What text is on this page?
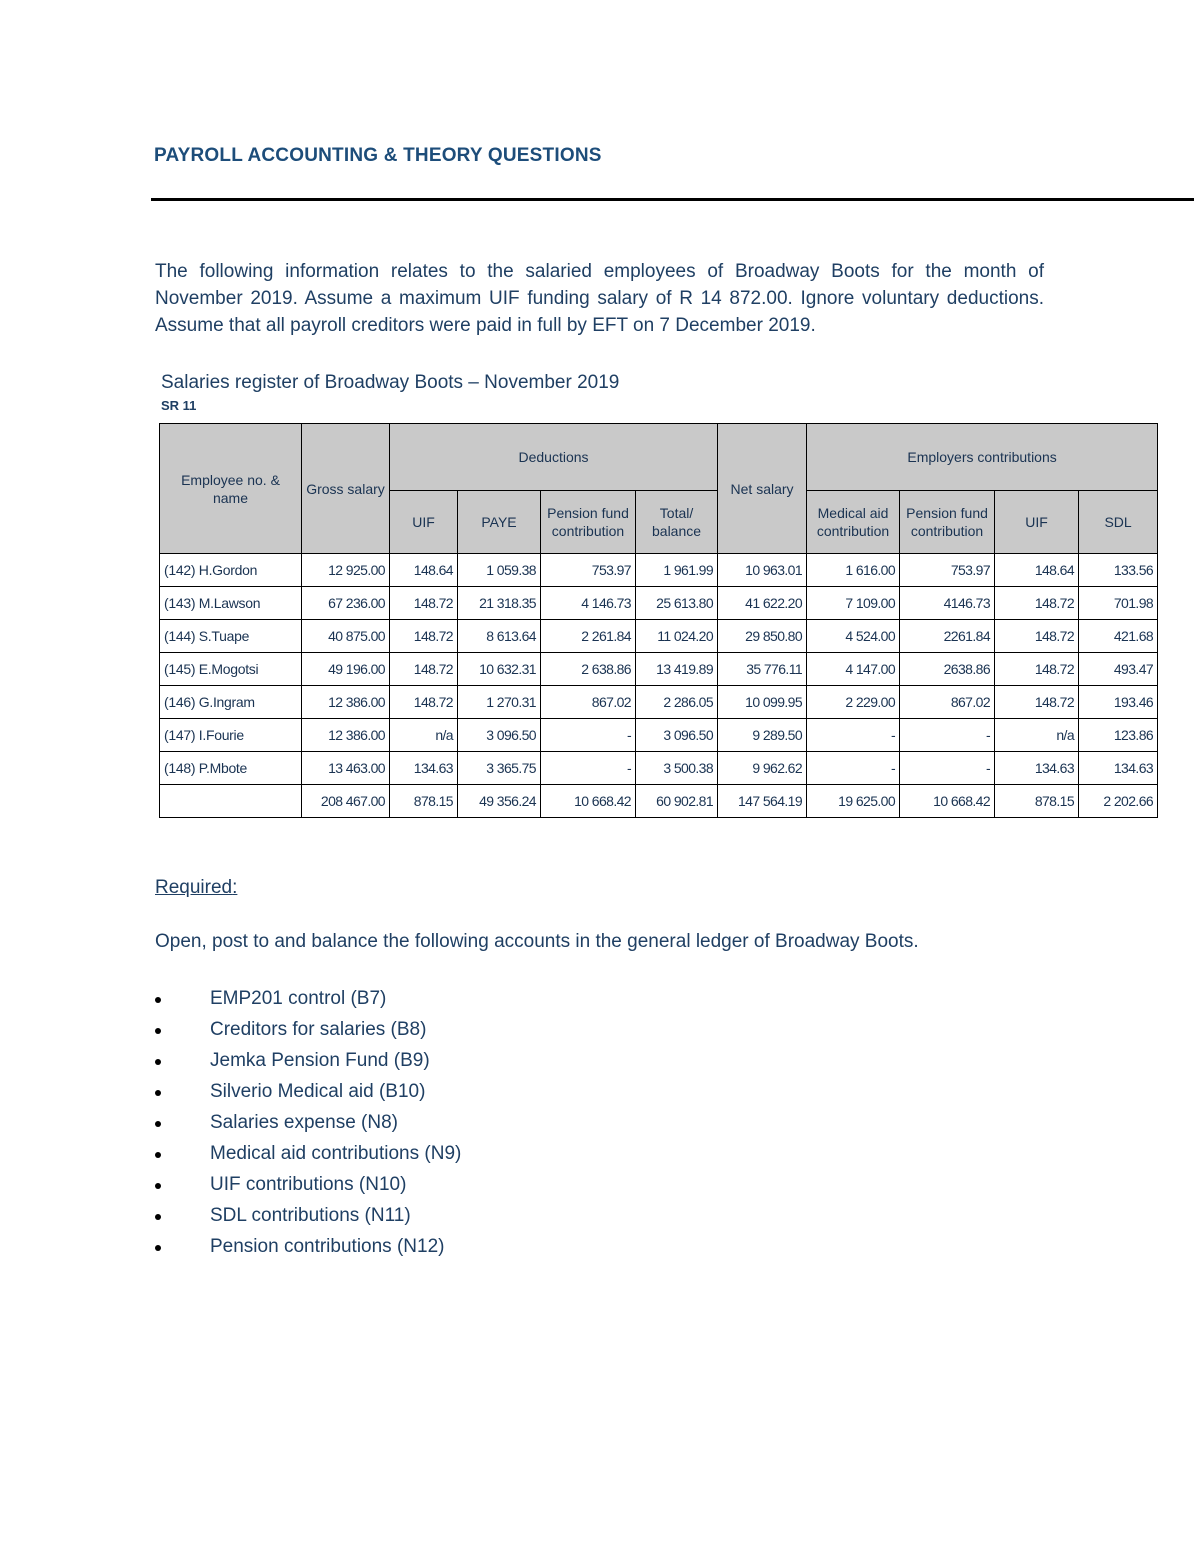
PAYROLL ACCOUNTING & THEORY QUESTIONS
The following information relates to the salaried employees of Broadway Boots for the month of November 2019. Assume a maximum UIF funding salary of R 14 872.00. Ignore voluntary deductions. Assume that all payroll creditors were paid in full by EFT on 7 December 2019.
Salaries register of Broadway Boots – November 2019
SR 11
Employee no. & name	Gross salary	Deductions				Net salary	Employers contributions			
		UIF	PAYE	Pension fund contribution	Total/ balance		Medical aid contribution	Pension fund contribution	UIF	SDL
(142) H.Gordon	12 925.00	148.64	1 059.38	753.97	1 961.99	10 963.01	1 616.00	753.97	148.64	133.56
(143) M.Lawson	67 236.00	148.72	21 318.35	4 146.73	25 613.80	41 622.20	7 109.00	4146.73	148.72	701.98
(144) S.Tuape	40 875.00	148.72	8 613.64	2 261.84	11 024.20	29 850.80	4 524.00	2261.84	148.72	421.68
(145) E.Mogotsi	49 196.00	148.72	10 632.31	2 638.86	13 419.89	35 776.11	4 147.00	2638.86	148.72	493.47
(146) G.Ingram	12 386.00	148.72	1 270.31	867.02	2 286.05	10 099.95	2 229.00	867.02	148.72	193.46
(147) I.Fourie	12 386.00	n/a	3 096.50	-	3 096.50	9 289.50	-	-	n/a	123.86
(148) P.Mbote	13 463.00	134.63	3 365.75	-	3 500.38	9 962.62	-	-	134.63	134.63
	208 467.00	878.15	49 356.24	10 668.42	60 902.81	147 564.19	19 625.00	10 668.42	878.15	2 202.66
Required:
Open, post to and balance the following accounts in the general ledger of Broadway Boots.
EMP201 control (B7)
Creditors for salaries (B8)
Jemka Pension Fund (B9)
Silverio Medical aid (B10)
Salaries expense (N8)
Medical aid contributions (N9)
UIF contributions (N10)
SDL contributions (N11)
Pension contributions (N12)
